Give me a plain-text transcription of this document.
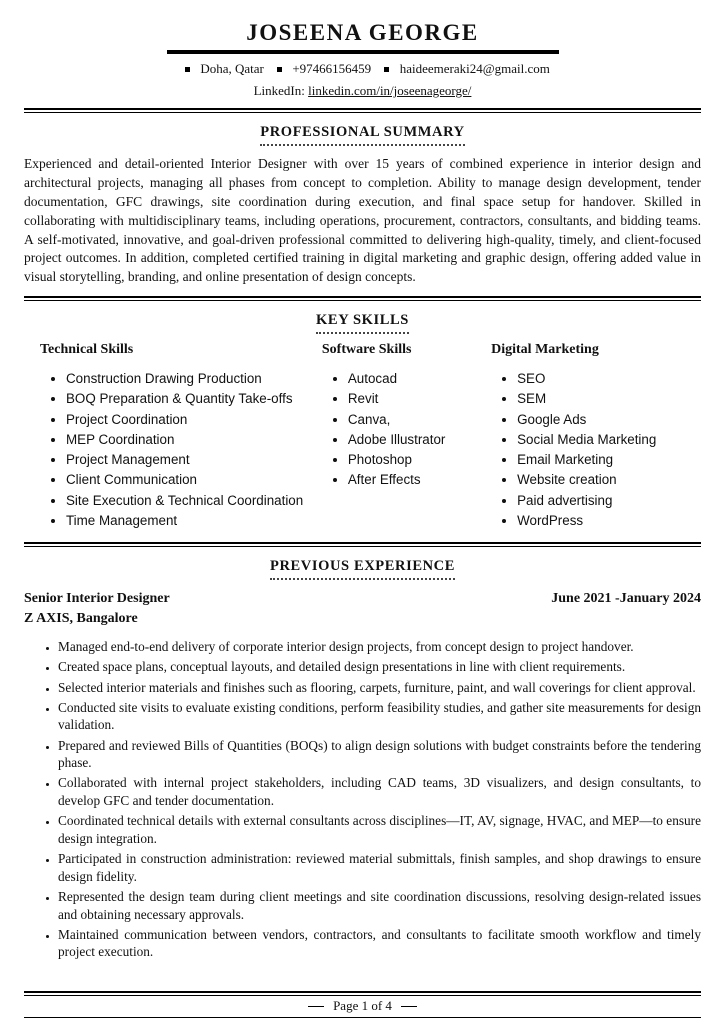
JOSEENA GEORGE
Doha, Qatar +97466156459 haideemeraki24@gmail.com
LinkedIn: linkedin.com/in/joseenageorge/
PROFESSIONAL SUMMARY

Experienced and detail-oriented Interior Designer with over 15 years of combined experience in interior design and architectural projects, managing all phases from concept to completion. Ability to manage design development, tender documentation, GFC drawings, site coordination during execution, and final space setup for handover. Skilled in collaborating with multidisciplinary teams, including operations, procurement, contractors, consultants, and bidding teams. A self-motivated, innovative, and goal-driven professional committed to delivering high-quality, timely, and client-focused project outcomes. In addition, completed certified training in digital marketing and graphic design, offering added value in visual storytelling, branding, and online presentation of design concepts.

KEY SKILLS
Technical Skills
• Construction Drawing Production
• BOQ Preparation & Quantity Take-offs
• Project Coordination
• MEP Coordination
• Project Management
• Client Communication
• Site Execution & Technical Coordination
• Time Management
Software Skills
• Autocad
• Revit
• Canva,
• Adobe Illustrator
• Photoshop
• After Effects
Digital Marketing
• SEO
• SEM
• Google Ads
• Social Media Marketing
• Email Marketing
• Website creation
• Paid advertising
• WordPress
PREVIOUS EXPERIENCE
Senior Interior Designer	June 2021 -January 2024
Z AXIS, Bangalore
• Managed end-to-end delivery of corporate interior design projects, from concept design to project handover.
• Created space plans, conceptual layouts, and detailed design presentations in line with client requirements.
• Selected interior materials and finishes such as flooring, carpets, furniture, paint, and wall coverings for client approval.
• Conducted site visits to evaluate existing conditions, perform feasibility studies, and gather site measurements for design validation.
• Prepared and reviewed Bills of Quantities (BOQs) to align design solutions with budget constraints before the tendering phase.
• Collaborated with internal project stakeholders, including CAD teams, 3D visualizers, and design consultants, to develop GFC and tender documentation.
• Coordinated technical details with external consultants across disciplines—IT, AV, signage, HVAC, and MEP—to ensure design integration.
• Participated in construction administration: reviewed material submittals, finish samples, and shop drawings to ensure design fidelity.
• Represented the design team during client meetings and site coordination discussions, resolving design-related issues and obtaining necessary approvals.
• Maintained communication between vendors, contractors, and consultants to facilitate smooth workflow and timely project execution.
Page 1 of 4
